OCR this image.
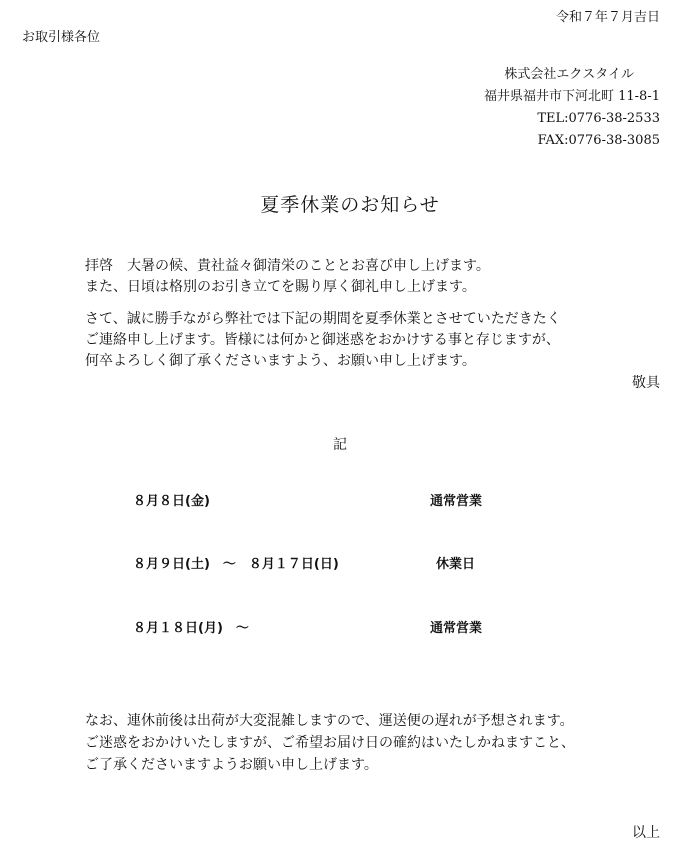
令和７年７月吉日
お取引様各位
株式会社エクスタイル
福井県福井市下河北町 11-8-1
TEL:0776-38-2533
FAX:0776-38-3085
夏季休業のお知らせ
拝啓　大暑の候、貴社益々御清栄のこととお喜び申し上げます。
また、日頃は格別のお引き立てを賜り厚く御礼申し上げます。
さて、誠に勝手ながら弊社では下記の期間を夏季休業とさせていただきたく
ご連絡申し上げます。皆様には何かと御迷惑をおかけする事と存じますが、
何卒よろしく御了承くださいますよう、お願い申し上げます。
敬具
記
８月８日(金)	通常営業
８月９日(土)　～　８月１７日(日)	休業日
８月１８日(月)　～	通常営業
なお、連休前後は出荷が大変混雑しますので、運送便の遅れが予想されます。
ご迷惑をおかけいたしますが、ご希望お届け日の確約はいたしかねますこと、
ご了承くださいますようお願い申し上げます。
以上
